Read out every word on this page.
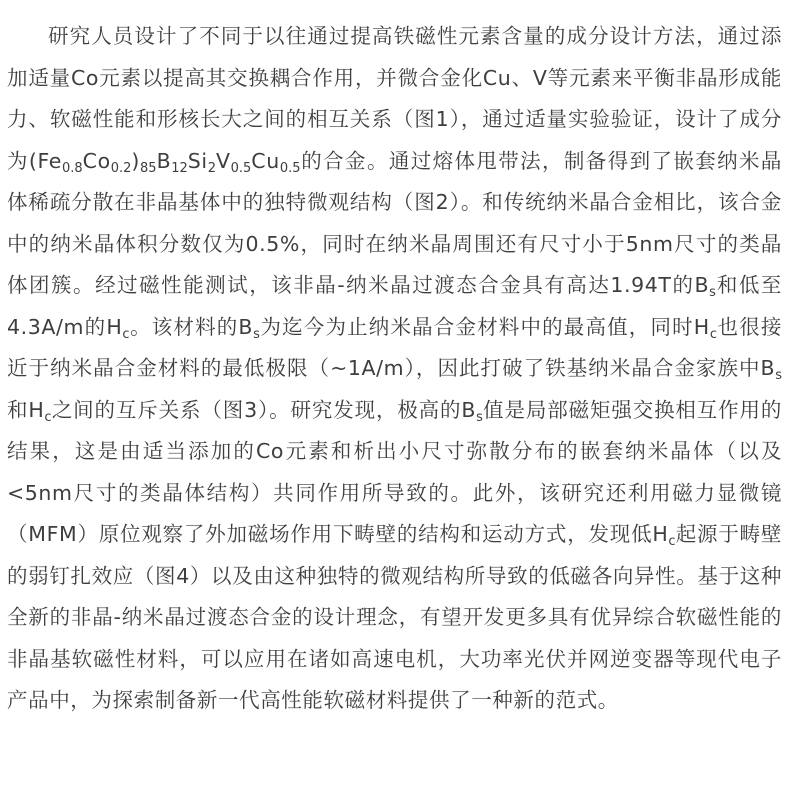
研究人员设计了不同于以往通过提高铁磁性元素含量的成分设计方法，通过添加适量Co元素以提高其交换耦合作用，并微合金化Cu、V等元素来平衡非晶形成能力、软磁性能和形核长大之间的相互关系（图1），通过适量实验验证，设计了成分为$(Fe_{0.8}Co_{0.2})_{85}B_{12}Si_2V_{0.5}Cu_{0.5}$的合金。通过熔体甩带法，制备得到了嵌套纳米晶体稀疏分散在非晶基体中的独特微观结构（图2）。和传统纳米晶合金相比，该合金中的纳米晶体积分数仅为0.5%，同时在纳米晶周围还有尺寸小于5nm尺寸的类晶体团簇。经过磁性能测试，该非晶-纳米晶过渡态合金具有高达1.94T的$B_s$和低至4.3A/m的$H_c$。该材料的$B_s$为迄今为止纳米晶合金材料中的最高值，同时$H_c$也很接近于纳米晶合金材料的最低极限（~1A/m），因此打破了铁基纳米晶合金家族中$B_s$和$H_c$之间的互斥关系（图3）。研究发现，极高的$B_s$值是局部磁矩强交换相互作用的结果，这是由适当添加的Co元素和析出小尺寸弥散分布的嵌套纳米晶体（以及<5nm尺寸的类晶体结构）共同作用所导致的。此外，该研究还利用磁力显微镜（MFM）原位观察了外加磁场作用下畴壁的结构和运动方式，发现低$H_c$起源于畴壁的弱钉扎效应（图4）以及由这种独特的微观结构所导致的低磁各向异性。基于这种全新的非晶-纳米晶过渡态合金的设计理念，有望开发更多具有优异综合软磁性能的非晶基软磁性材料，可以应用在诸如高速电机，大功率光伏并网逆变器等现代电子产品中，为探索制备新一代高性能软磁材料提供了一种新的范式。
